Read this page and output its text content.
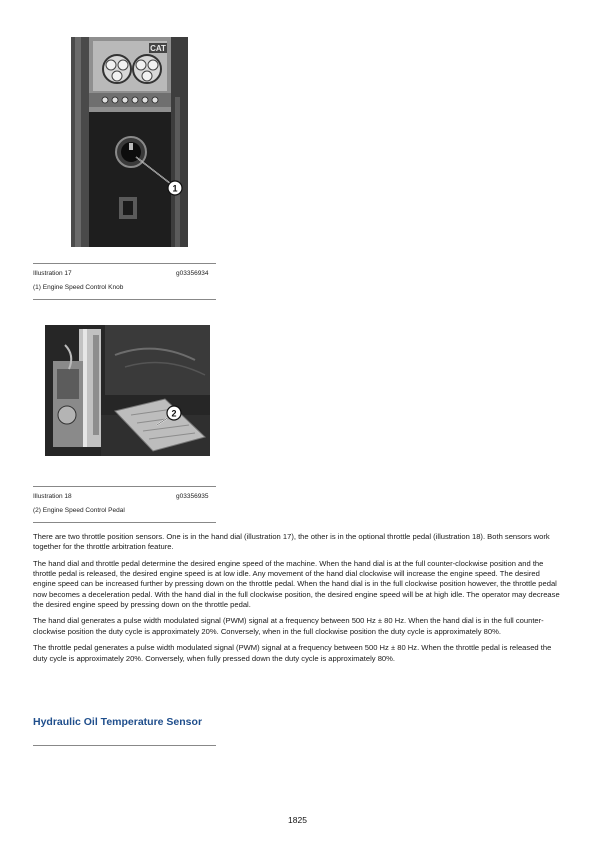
CAT
1
Illustration 17	g03356934
(1) Engine Speed Control Knob
2
Illustration 18	g03356935
(2) Engine Speed Control Pedal

There are two throttle position sensors. One is in the hand dial (illustration 17), the other is in the optional throttle pedal (illustration 18). Both sensors work together for the throttle arbitration feature.

The hand dial and throttle pedal determine the desired engine speed of the machine. When the hand dial is at the full counter-clockwise position and the throttle pedal is released, the desired engine speed is at low idle. Any movement of the hand dial clockwise will increase the engine speed. The desired engine speed can be increased further by pressing down on the throttle pedal. When the hand dial is in the full clockwise position however, the throttle pedal now becomes a deceleration pedal. With the hand dial in the full clockwise position, the desired engine speed will be at high idle. The operator may decrease the desired engine speed by pressing down on the throttle pedal.

The hand dial generates a pulse width modulated signal (PWM) signal at a frequency between 500 Hz ± 80 Hz. When the hand dial is in the full counter-clockwise position the duty cycle is approximately 20%. Conversely, when in the full clockwise position the duty cycle is approximately 80%.

The throttle pedal generates a pulse width modulated signal (PWM) signal at a frequency between 500 Hz ± 80 Hz. When the throttle pedal is released the duty cycle is approximately 20%. Conversely, when fully pressed down the duty cycle is approximately 80%.

Hydraulic Oil Temperature Sensor
1825
